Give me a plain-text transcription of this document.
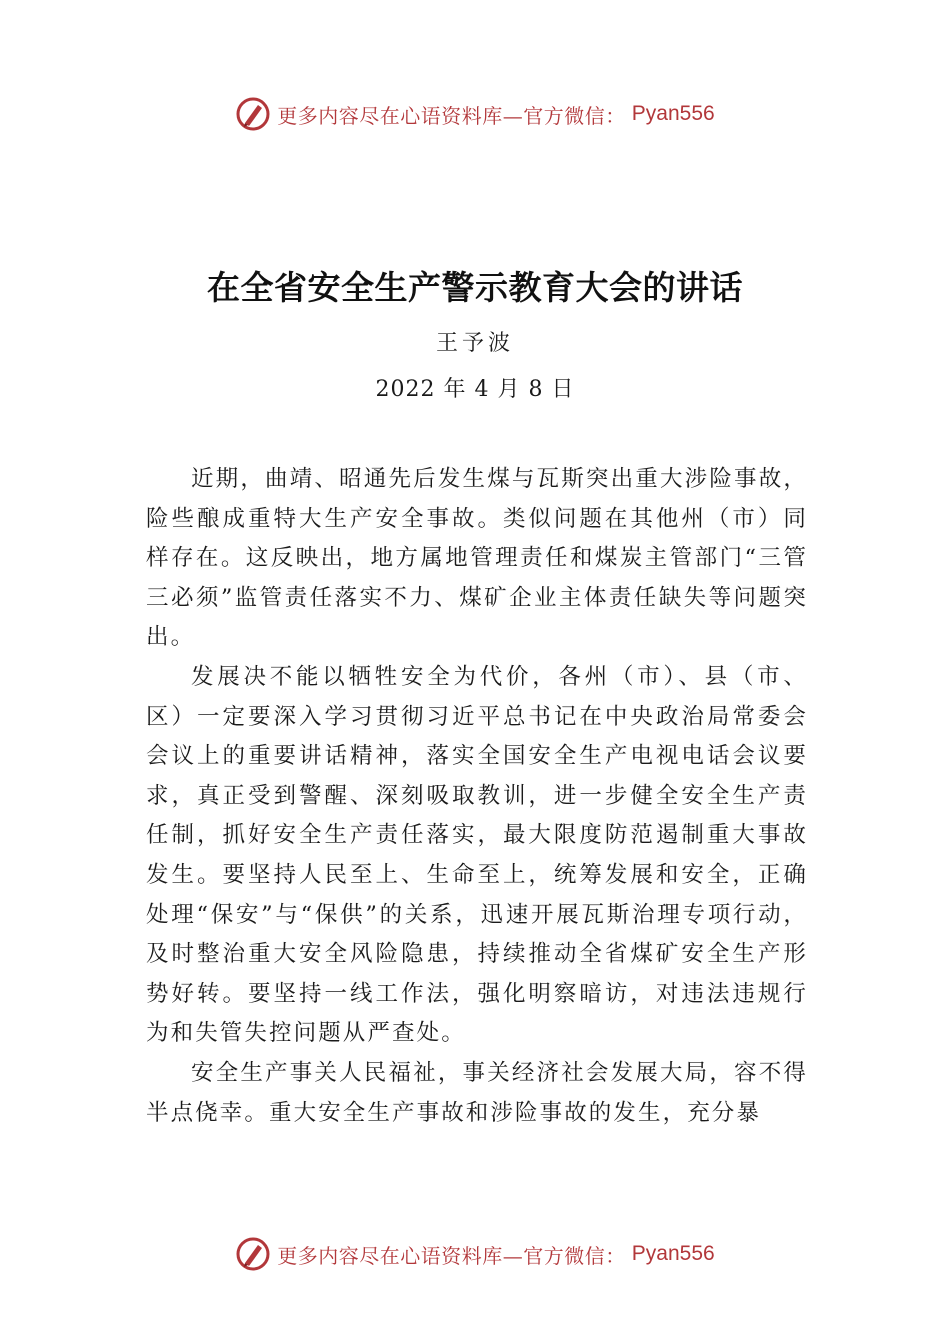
更多内容尽在心语资料库—官方微信： Pyan556
在全省安全生产警示教育大会的讲话
王予波
2022 年 4 月 8 日

近期，曲靖、昭通先后发生煤与瓦斯突出重大涉险事故，险些酿成重特大生产安全事故。类似问题在其他州（市）同样存在。这反映出，地方属地管理责任和煤炭主管部门“三管三必须”监管责任落实不力、煤矿企业主体责任缺失等问题突出。

发展决不能以牺牲安全为代价，各州（市）、县（市、区）一定要深入学习贯彻习近平总书记在中央政治局常委会会议上的重要讲话精神，落实全国安全生产电视电话会议要求，真正受到警醒、深刻吸取教训，进一步健全安全生产责任制，抓好安全生产责任落实，最大限度防范遏制重大事故发生。要坚持人民至上、生命至上，统筹发展和安全，正确处理“保安”与“保供”的关系，迅速开展瓦斯治理专项行动，及时整治重大安全风险隐患，持续推动全省煤矿安全生产形势好转。要坚持一线工作法，强化明察暗访，对违法违规行为和失管失控问题从严查处。

安全生产事关人民福祉，事关经济社会发展大局，容不得半点侥幸。重大安全生产事故和涉险事故的发生，充分暴

更多内容尽在心语资料库—官方微信： Pyan556
